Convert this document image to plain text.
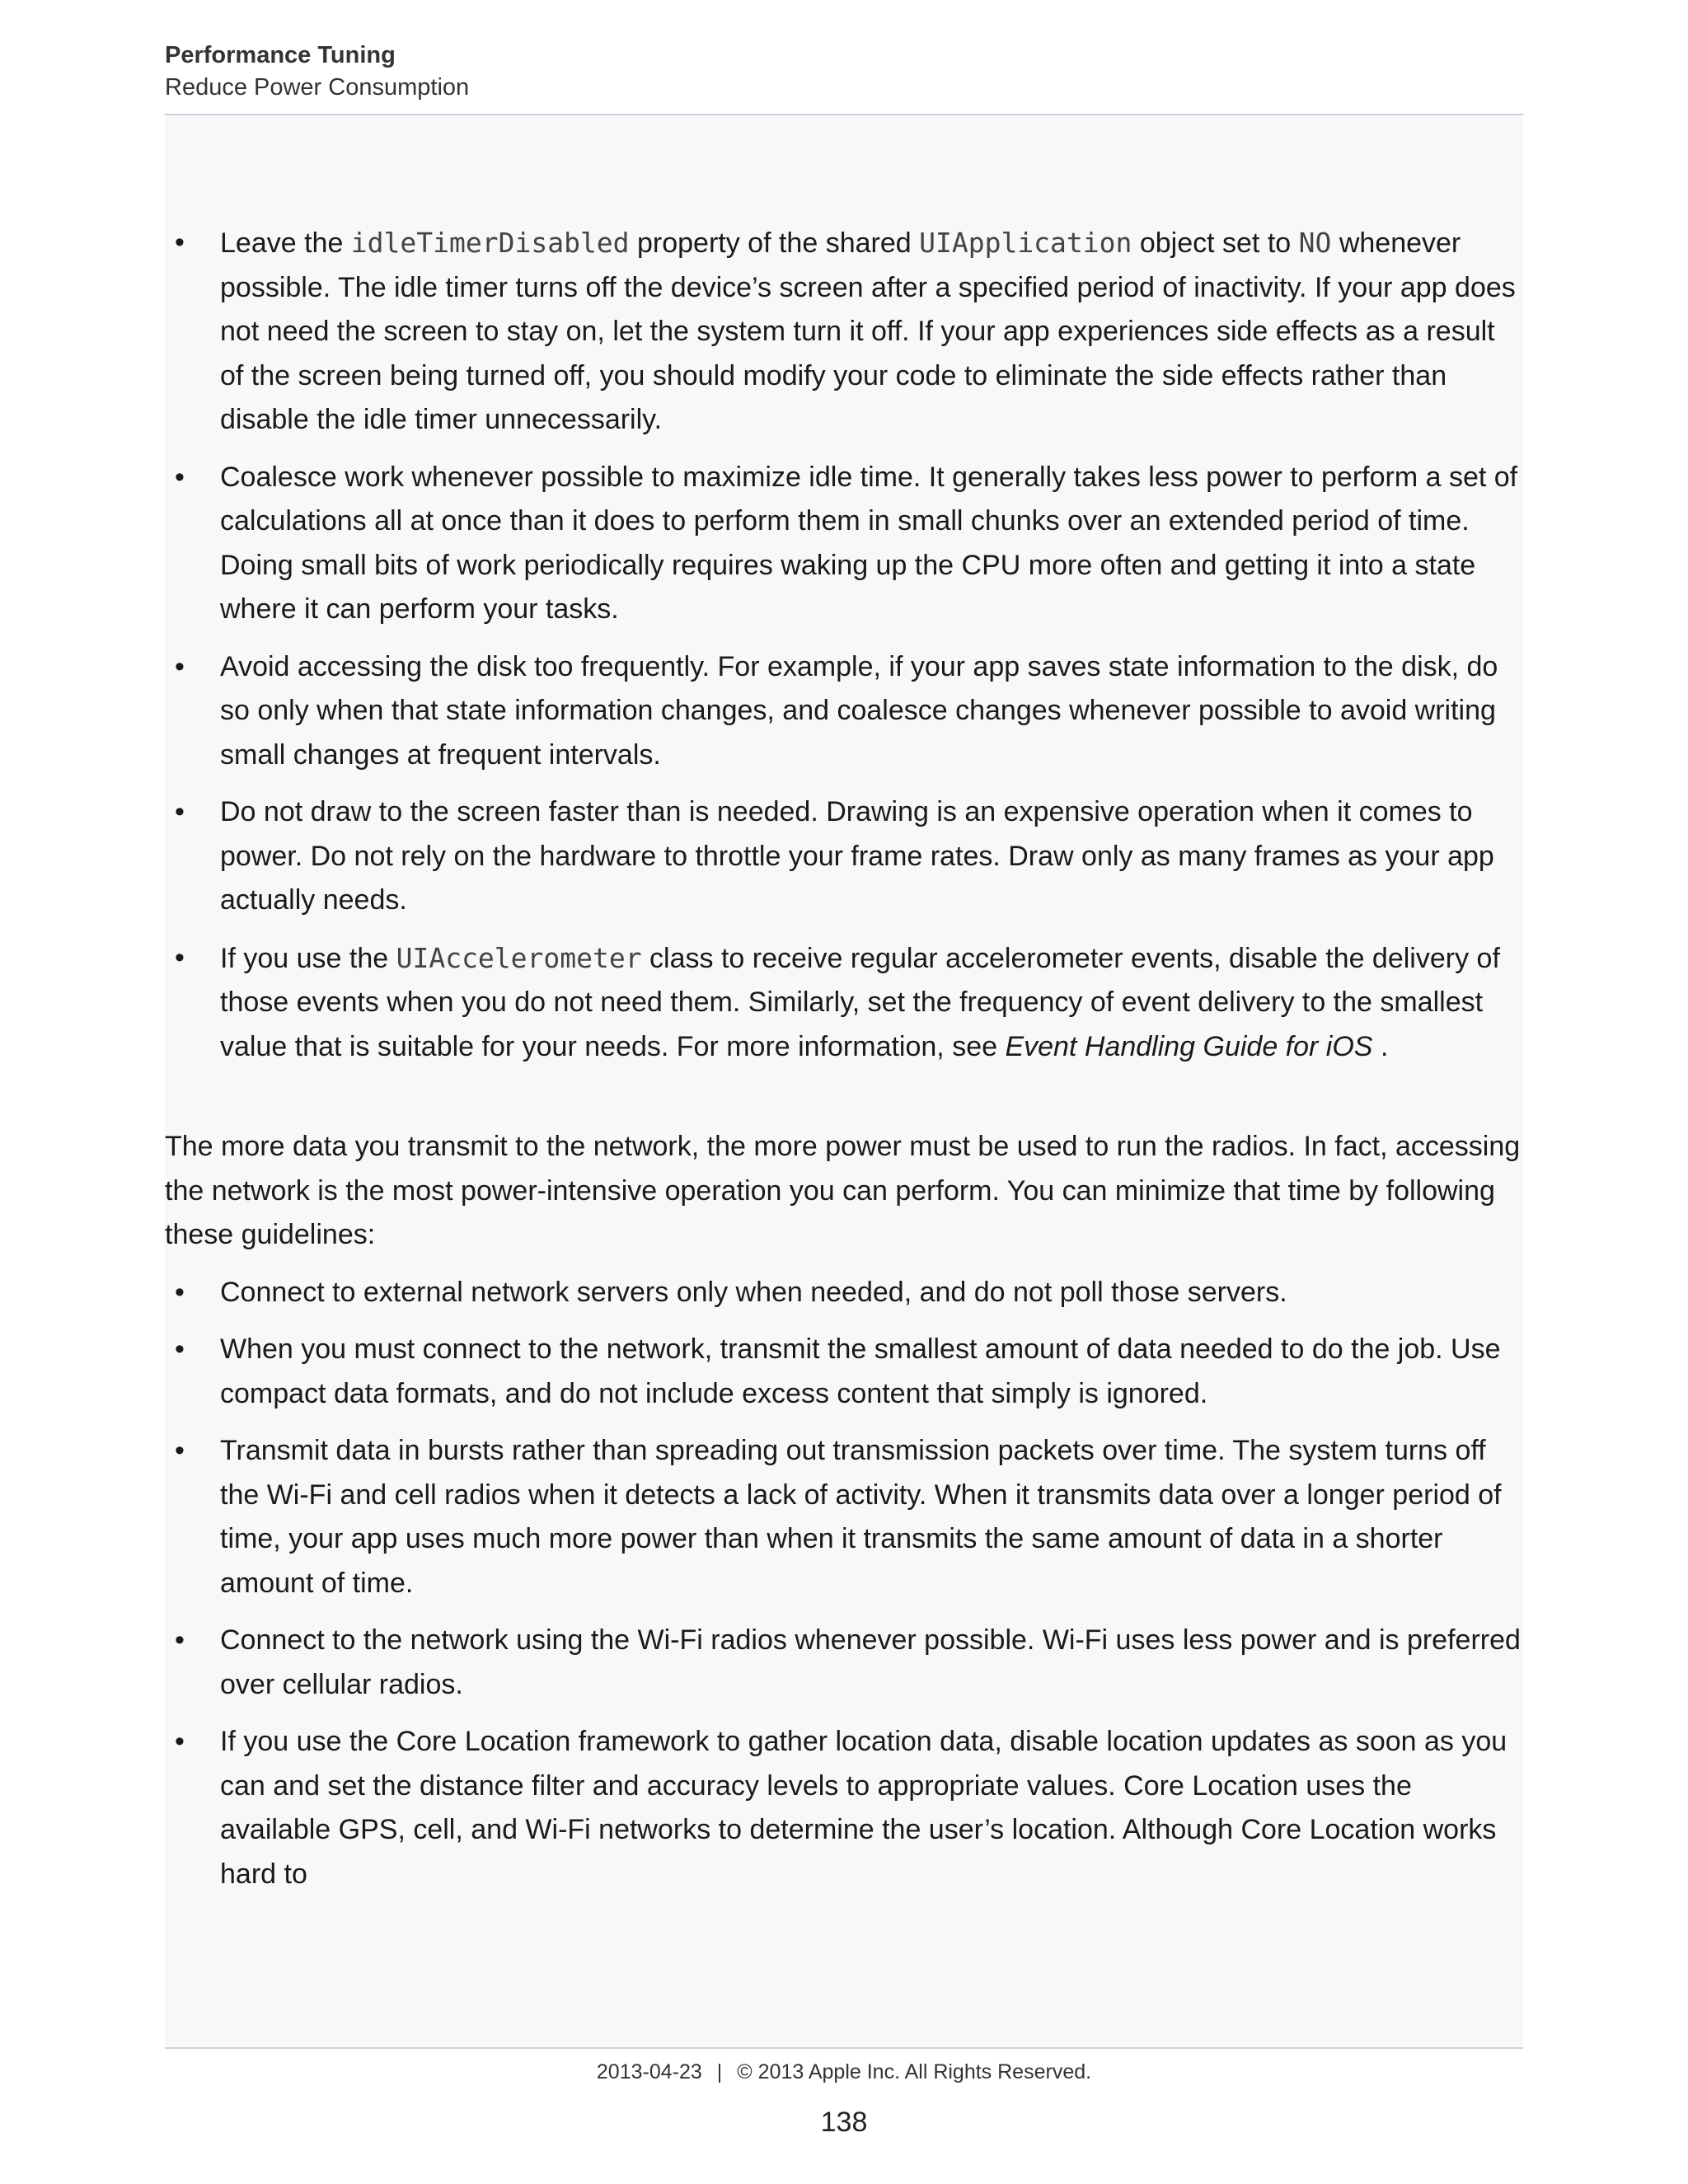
Performance Tuning
Reduce Power Consumption
• Leave the idleTimerDisabled property of the shared UIApplication object set to NO whenever possible. The idle timer turns off the device’s screen after a specified period of inactivity. If your app does not need the screen to stay on, let the system turn it off. If your app experiences side effects as a result of the screen being turned off, you should modify your code to eliminate the side effects rather than disable the idle timer unnecessarily.
• Coalesce work whenever possible to maximize idle time. It generally takes less power to perform a set of calculations all at once than it does to perform them in small chunks over an extended period of time. Doing small bits of work periodically requires waking up the CPU more often and getting it into a state where it can perform your tasks.
• Avoid accessing the disk too frequently. For example, if your app saves state information to the disk, do so only when that state information changes, and coalesce changes whenever possible to avoid writing small changes at frequent intervals.
• Do not draw to the screen faster than is needed. Drawing is an expensive operation when it comes to power. Do not rely on the hardware to throttle your frame rates. Draw only as many frames as your app actually needs.
• If you use the UIAccelerometer class to receive regular accelerometer events, disable the delivery of those events when you do not need them. Similarly, set the frequency of event delivery to the smallest value that is suitable for your needs. For more information, see Event Handling Guide for iOS .

The more data you transmit to the network, the more power must be used to run the radios. In fact, accessing the network is the most power-intensive operation you can perform. You can minimize that time by following these guidelines:

• Connect to external network servers only when needed, and do not poll those servers.
• When you must connect to the network, transmit the smallest amount of data needed to do the job. Use compact data formats, and do not include excess content that simply is ignored.
• Transmit data in bursts rather than spreading out transmission packets over time. The system turns off the Wi-Fi and cell radios when it detects a lack of activity. When it transmits data over a longer period of time, your app uses much more power than when it transmits the same amount of data in a shorter amount of time.
• Connect to the network using the Wi-Fi radios whenever possible. Wi-Fi uses less power and is preferred over cellular radios.
• If you use the Core Location framework to gather location data, disable location updates as soon as you can and set the distance filter and accuracy levels to appropriate values. Core Location uses the available GPS, cell, and Wi-Fi networks to determine the user’s location. Although Core Location works hard to
2013-04-23 | © 2013 Apple Inc. All Rights Reserved.
138
